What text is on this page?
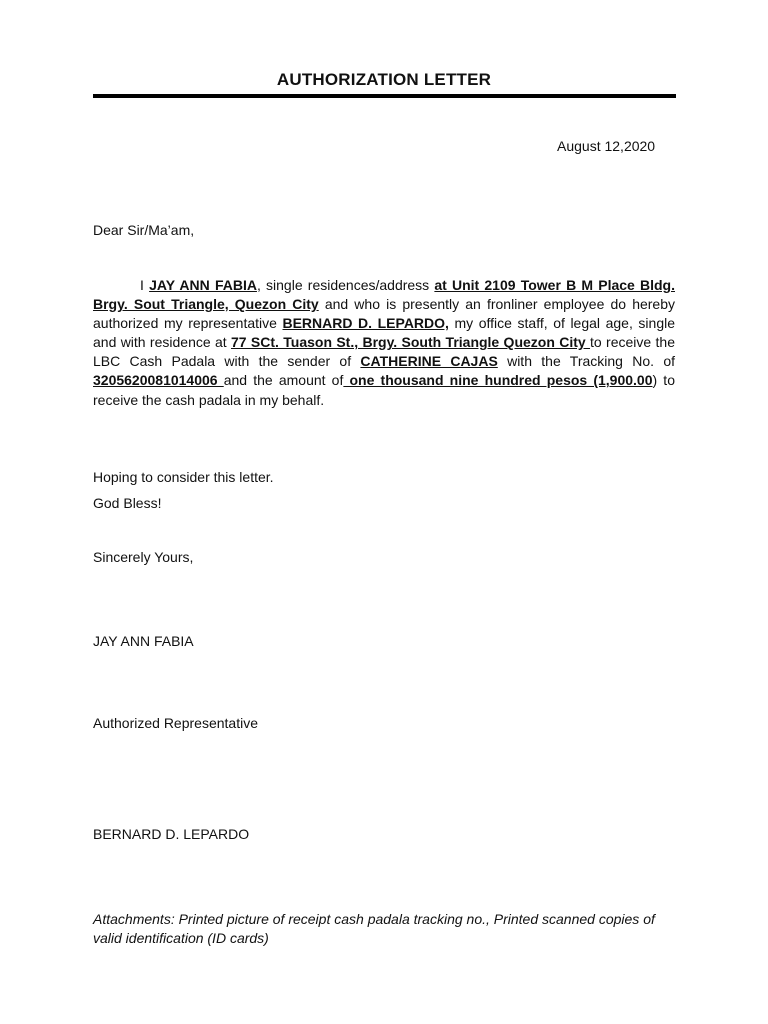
AUTHORIZATION LETTER
August 12,2020
Dear Sir/Ma’am,
I JAY ANN FABIA, single residences/address at Unit 2109 Tower B M Place Bldg. Brgy. Sout Triangle, Quezon City and who is presently an fronliner employee do hereby authorized my representative BERNARD D. LEPARDO, my office staff, of legal age, single and with residence at 77 SCt. Tuason St., Brgy. South Triangle Quezon City to receive the LBC Cash Padala with the sender of CATHERINE CAJAS with the Tracking No. of 3205620081014006 and the amount of one thousand nine hundred pesos (1,900.00) to receive the cash padala in my behalf.
Hoping to consider this letter.
God Bless!
Sincerely Yours,
JAY ANN FABIA
Authorized Representative
BERNARD D. LEPARDO
Attachments: Printed picture of receipt cash padala tracking no., Printed scanned copies of valid identification (ID cards)
